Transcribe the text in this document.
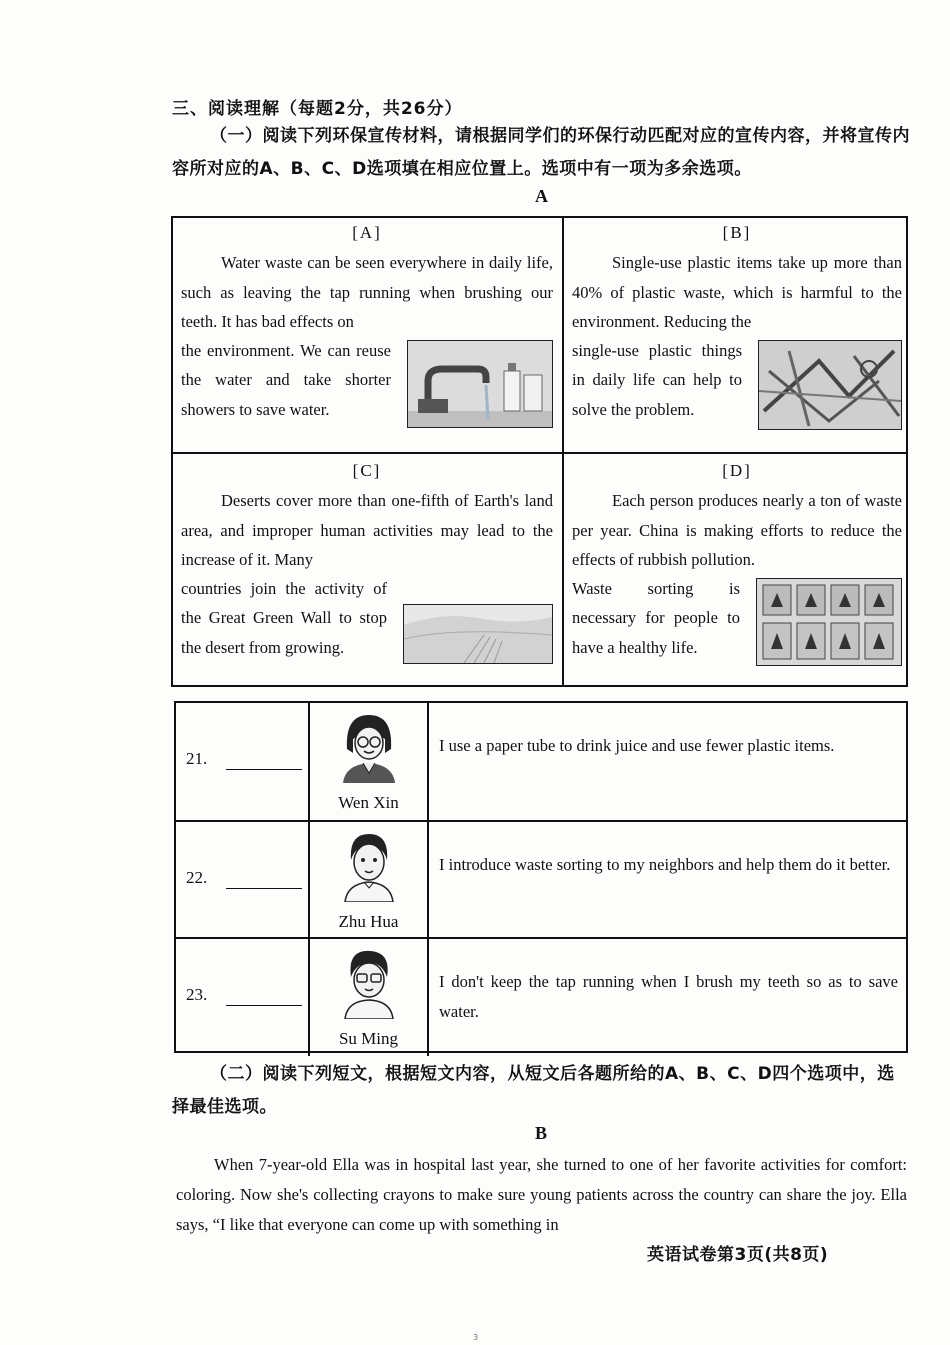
三、阅读理解（每题2分，共26分）
（一）阅读下列环保宣传材料，请根据同学们的环保行动匹配对应的宣传内容，并将宣传内容所对应的A、B、C、D选项填在相应位置上。选项中有一项为多余选项。
A
[A]
Water waste can be seen everywhere in daily life, such as leaving the tap running when brushing our teeth. It has bad effects on
the environment. We can reuse the water and take shorter showers to save water.
[B]
Single-use plastic items take up more than 40% of plastic waste, which is harmful to the environment. Reducing the
single-use plastic things in daily life can help to solve the problem.
[C]
Deserts cover more than one-fifth of Earth's land area, and improper human activities may lead to the increase of it. Many
countries join the activity of the Great Green Wall to stop the desert from growing.
[D]
Each person produces nearly a ton of waste per year. China is making efforts to reduce the effects of rubbish pollution.
Waste sorting is necessary for people to have a healthy life.
21.
Wen Xin
I use a paper tube to drink juice and use fewer plastic items.
22.
Zhu Hua
I introduce waste sorting to my neighbors and help them do it better.
23.
Su Ming
I don't keep the tap running when I brush my teeth so as to save water.
（二）阅读下列短文，根据短文内容，从短文后各题所给的A、B、C、D四个选项中，选择最佳选项。
B
When 7-year-old Ella was in hospital last year, she turned to one of her favorite activities for comfort: coloring. Now she's collecting crayons to make sure young patients across the country can share the joy. Ella says, “I like that everyone can come up with something in
英语试卷第3页(共8页)
3
